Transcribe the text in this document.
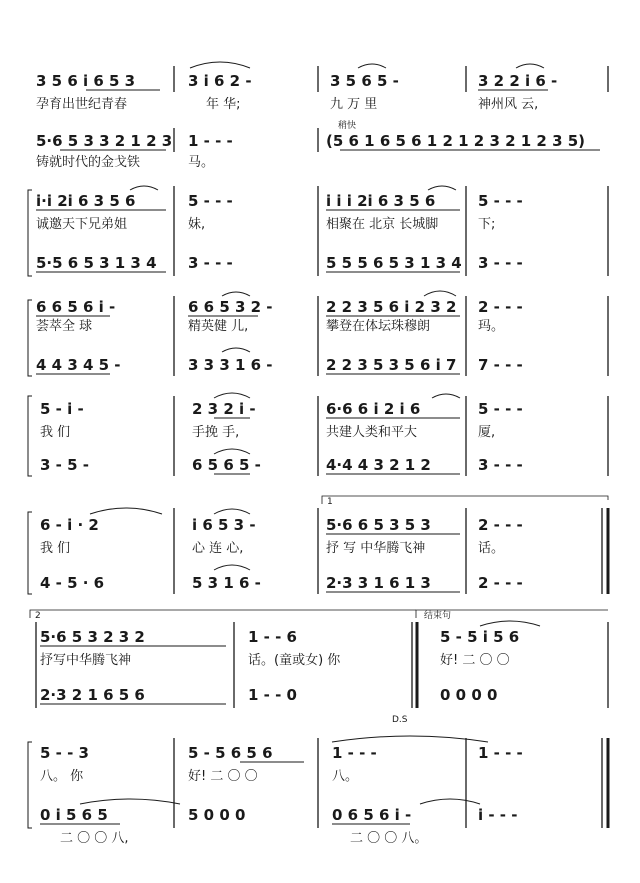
3 5 6 i 6 5 3	3 i 6 2 -	3 5 6 5 -	3 2 2 i 6 -
孕育出世纪青春	年 华;	九 万 里	神州风 云,
稍快
5·6 5 3 3 2 1 2 3 1 - - -	(5 6 1 6 5 6 1 2 1 2 3 2 1 2 3 5)
铸就时代的金戈铁	马。
i·i 2i 6 3 5 6	5 - - -	i i i 2i 6 3 5 6	5 - - -
诚邀天下兄弟姐	妹,	相聚在 北京 长城脚	下;
5·5 6 5 3 1 3 4 3 - - -	5 5 5 6 5 3 1 3 4 3 - - -
6 6 5 6 i -	6 6 5 3 2 -	2 2 3 5 6 i 2 3 2 2 - - -
荟萃全 球	精英健 儿,	攀登在体坛珠穆朗	玛。
4 4 3 4 5 -	3 3 3 1 6 -	2 2 3 5 3 5 6 i 7 7 - - -
5 - i -	2 3 2 i -	6·6 6 i 2 i 6	5 - - -
我 们	手挽 手,	共建人类和平大	厦,
3 - 5 -	6 5 6 5 -	4·4 4 3 2 1 2	3 - - -
1
6 - i · 2	i 6 5 3 -	5·6 6 5 3 5 3	2 - - -
我 们	心 连 心,	抒 写 中华腾飞神	话。
4 - 5 · 6	5 3 1 6 -	2·3 3 1 6 1 3	2 - - -
2	结束句
5·6 5 3 2 3 2	1 - - 6	5 - 5 i 5 6
抒写中华腾飞神	话。(童或女) 你	好! 二 〇 〇
2·3 2 1 6 5 6	1 - - 0	0 0 0 0
D.S
5 - - 3	5 - 5 6 5 6	1 - - -	1 - - -
八。 你	好! 二 〇 〇	八。
0 i 5 6 5	5 0 0 0	0 6 5 6 i -	i - - -
二 〇 〇 八,	二 〇 〇 八。
